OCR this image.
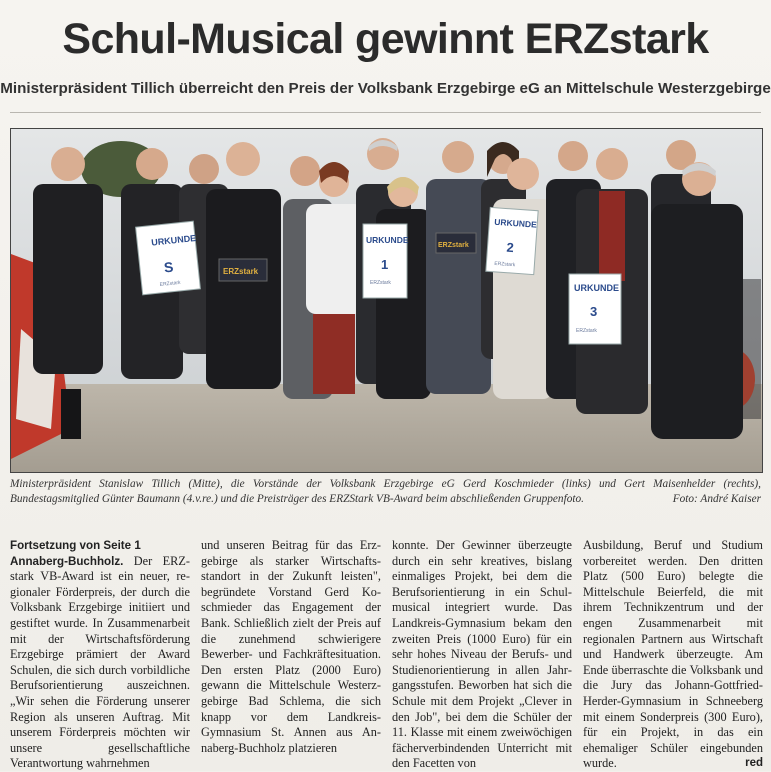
Schul-Musical gewinnt ERZstark
Ministerpräsident Tillich überreicht den Preis der Volksbank Erzgebirge eG an Mittelschule Westerzgebirge
URKUNDE
S
ERZstark
URKUNDE
1
ERZstark
URKUNDE
2
ERZstark
URKUNDE
3
ERZstark
ERZstark
ERZstark
Ministerpräsident Stanislaw Tillich (Mitte), die Vorstände der Volksbank Erzgebirge eG Gerd Koschmieder (links) und Gert Maisenhelder (rechts), Bundestagsmitglied Günter Baumann (4.v.re.) und die Preisträger des ERZStark VB-Award beim abschließenden Gruppenfoto.	Foto: André Kaiser

Fortsetzung von Seite 1
Annaberg-Buchholz. Der ERZstark VB-Award ist ein neuer, regionaler Förderpreis, der durch die Volksbank Erzgebirge initiiert und gestiftet wurde. In Zusammenarbeit mit der Wirtschaftsförderung Erzgebirge prämiert der Award Schulen, die sich durch vorbildliche Berufsorientierung auszeichnen. „Wir sehen die Förderung unserer Region als unseren Auftrag. Mit unserem Förderpreis möchten wir unsere gesellschaftliche Verantwortung wahrnehmen

und unseren Beitrag für das Erzgebirge als starker Wirtschaftsstandort in der Zukunft leisten", begründete Vorstand Gerd Koschmieder das Engagement der Bank. Schließlich zielt der Preis auf die zunehmend schwierigere Bewerber- und Fachkräftesituation. Den ersten Platz (2000 Euro) gewann die Mittelschule Westerzgebirge Bad Schlema, die sich knapp vor dem Landkreis-Gymnasium St. Annen aus Annaberg-Buchholz platzieren

konnte. Der Gewinner überzeugte durch ein sehr kreatives, bislang einmaliges Projekt, bei dem die Berufsorientierung in ein Schulmusical integriert wurde. Das Landkreis-Gymnasium bekam den zweiten Preis (1000 Euro) für ein sehr hohes Niveau der Berufs- und Studienorientierung in allen Jahrgangsstufen. Beworben hat sich die Schule mit dem Projekt „Clever in den Job", bei dem die Schüler der 11. Klasse mit einem zweiwöchigen fächerverbindenden Unterricht mit den Facetten von

Ausbildung, Beruf und Studium vorbereitet werden. Den dritten Platz (500 Euro) belegte die Mittelschule Beierfeld, die mit ihrem Technikzentrum und der engen Zusammenarbeit mit regionalen Partnern aus Wirtschaft und Handwerk überzeugte. Am Ende überraschte die Volksbank und die Jury das Johann-Gottfried-Herder-Gymnasium in Schneeberg mit einem Sonderpreis (300 Euro), für ein Projekt, in das ein ehemaliger Schüler eingebunden wurde.	red
